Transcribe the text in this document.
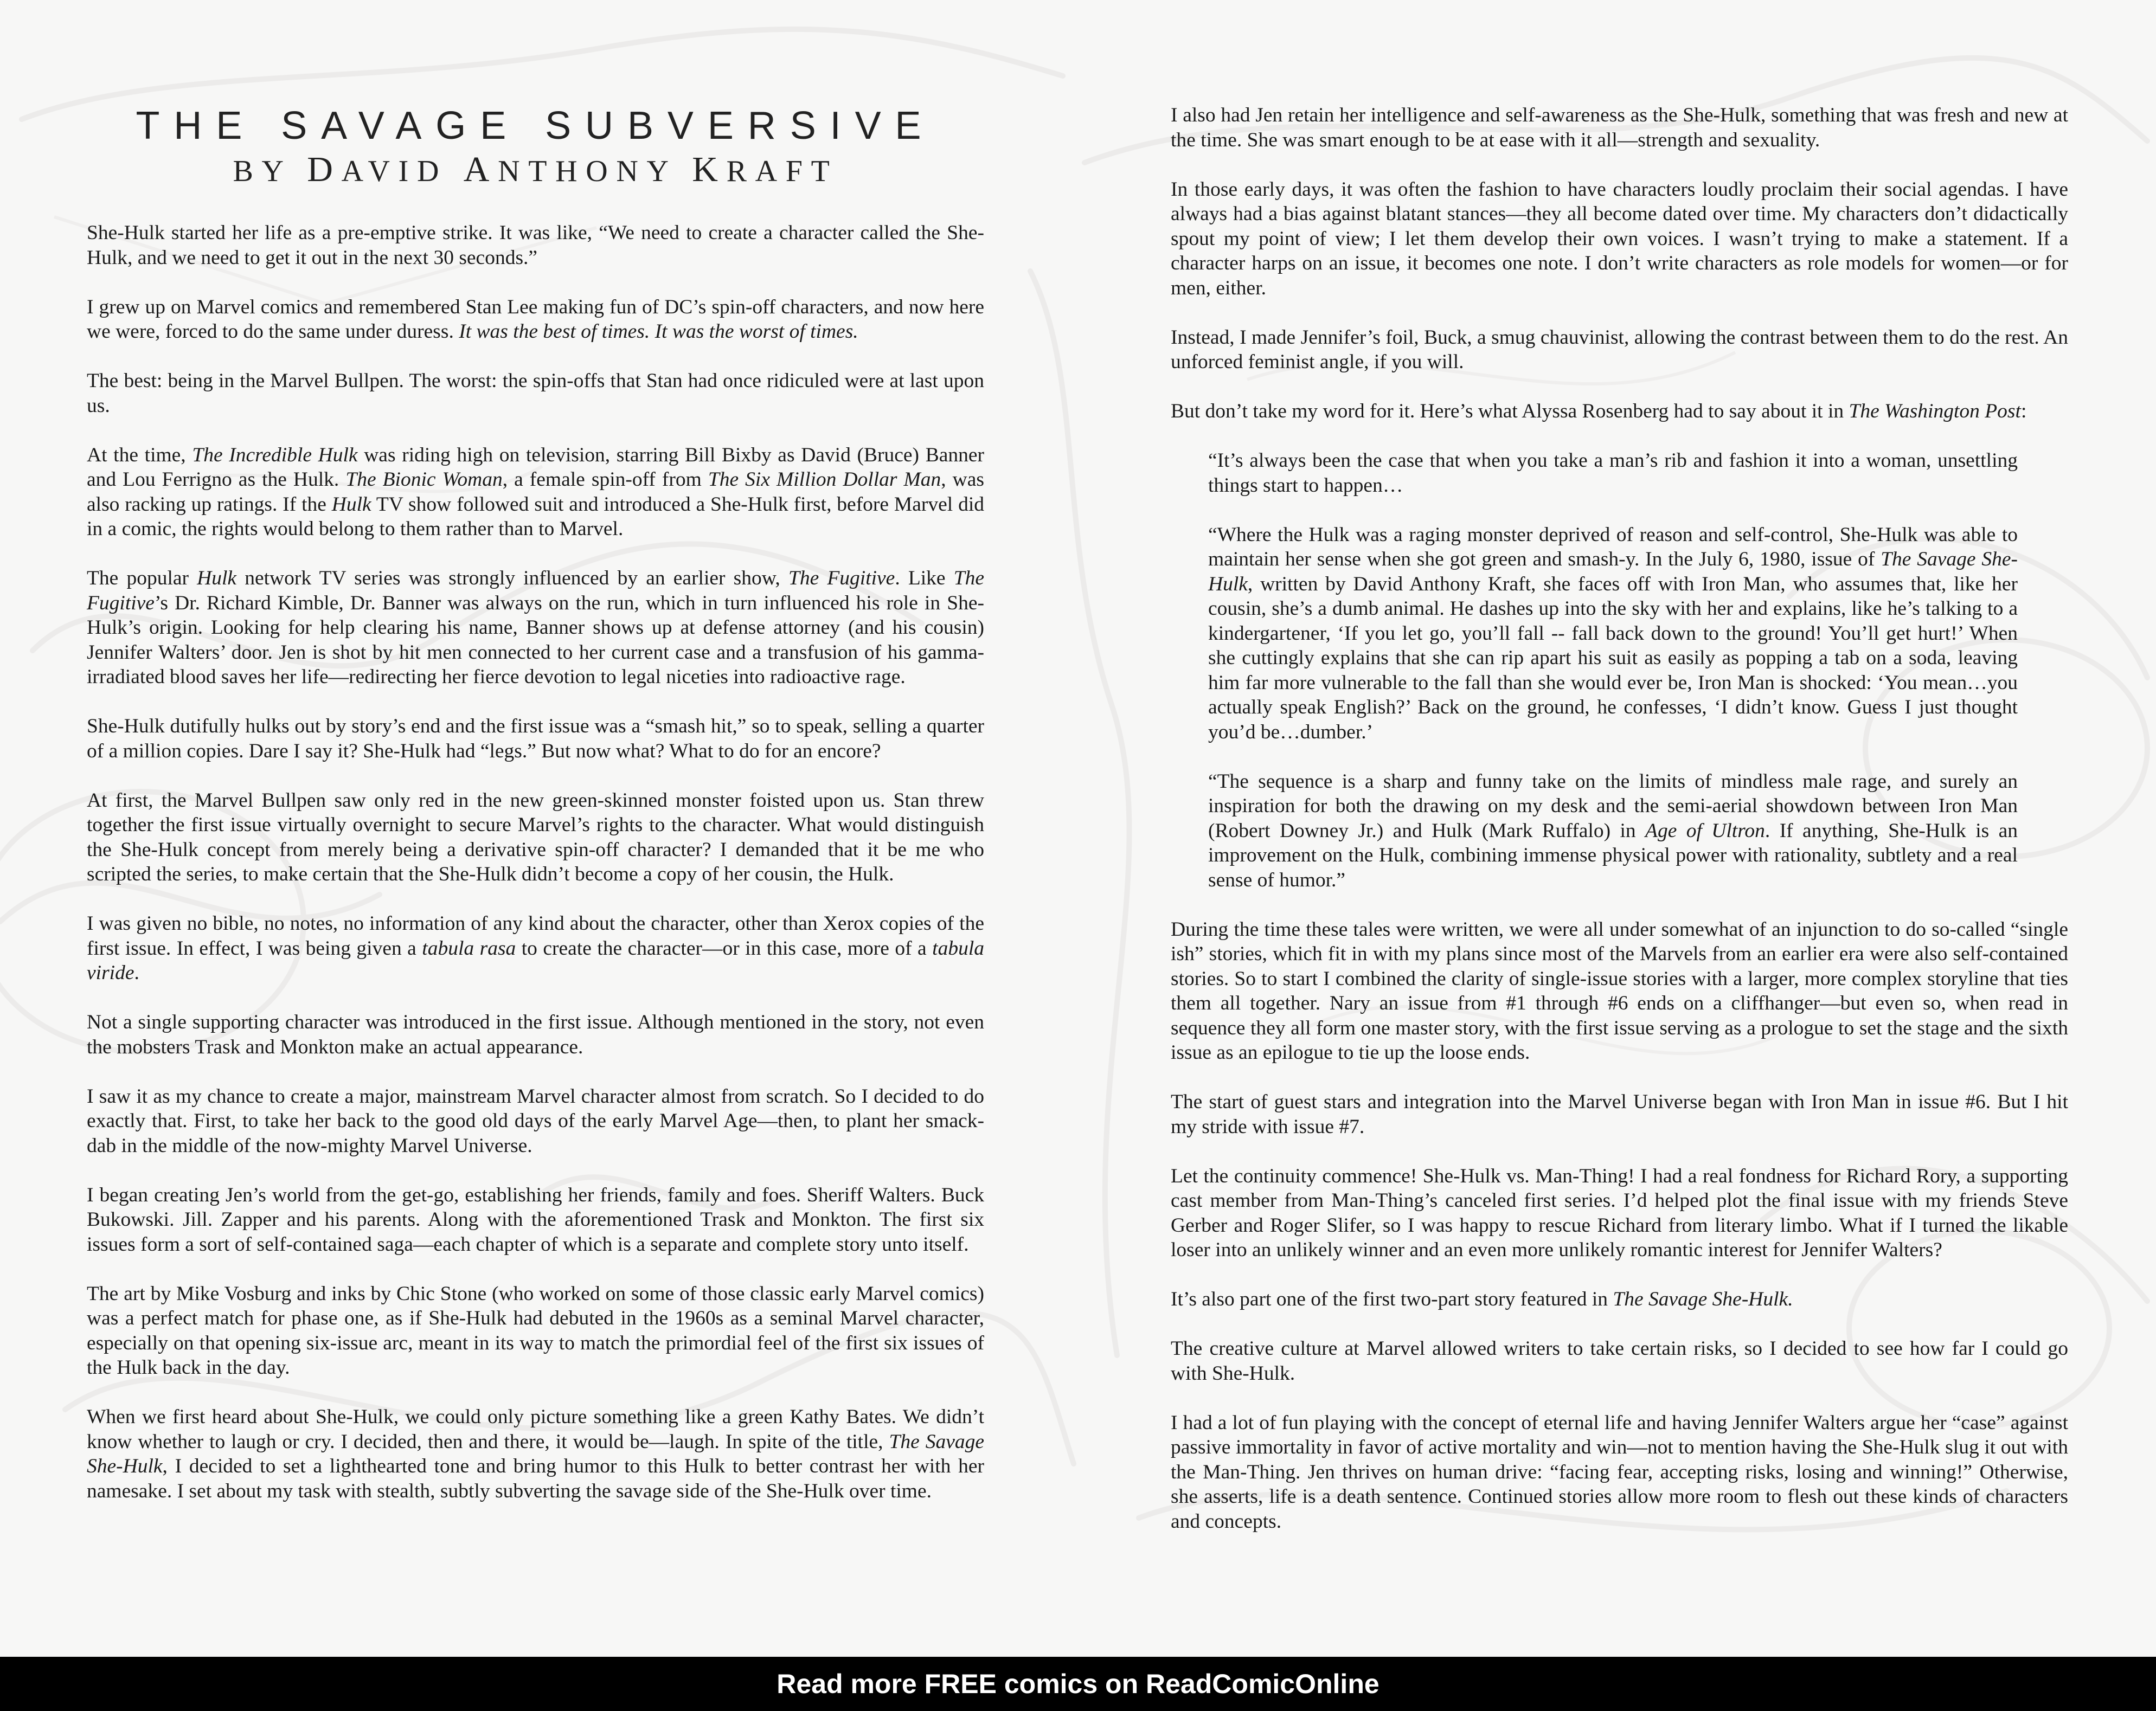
THE SAVAGE SUBVERSIVE
BY DAVID ANTHONY KRAFT

She-Hulk started her life as a pre-emptive strike. It was like, “We need to create a character called the She-Hulk, and we need to get it out in the next 30 seconds.”

I grew up on Marvel comics and remembered Stan Lee making fun of DC’s spin-off characters, and now here we were, forced to do the same under duress. It was the best of times. It was the worst of times.

The best: being in the Marvel Bullpen. The worst: the spin-offs that Stan had once ridiculed were at last upon us.

At the time, The Incredible Hulk was riding high on television, starring Bill Bixby as David (Bruce) Banner and Lou Ferrigno as the Hulk. The Bionic Woman, a female spin-off from The Six Million Dollar Man, was also racking up ratings. If the Hulk TV show followed suit and introduced a She-Hulk first, before Marvel did in a comic, the rights would belong to them rather than to Marvel.

The popular Hulk network TV series was strongly influenced by an earlier show, The Fugitive. Like The Fugitive’s Dr. Richard Kimble, Dr. Banner was always on the run, which in turn influenced his role in She-Hulk’s origin. Looking for help clearing his name, Banner shows up at defense attorney (and his cousin) Jennifer Walters’ door. Jen is shot by hit men connected to her current case and a transfusion of his gamma-irradiated blood saves her life—redirecting her fierce devotion to legal niceties into radioactive rage.

She-Hulk dutifully hulks out by story’s end and the first issue was a “smash hit,” so to speak, selling a quarter of a million copies. Dare I say it? She-Hulk had “legs.” But now what? What to do for an encore?

At first, the Marvel Bullpen saw only red in the new green-skinned monster foisted upon us. Stan threw together the first issue virtually overnight to secure Marvel’s rights to the character. What would distinguish the She-Hulk concept from merely being a derivative spin-off character? I demanded that it be me who scripted the series, to make certain that the She-Hulk didn’t become a copy of her cousin, the Hulk.

I was given no bible, no notes, no information of any kind about the character, other than Xerox copies of the first issue. In effect, I was being given a tabula rasa to create the character—or in this case, more of a tabula viride.

Not a single supporting character was introduced in the first issue. Although mentioned in the story, not even the mobsters Trask and Monkton make an actual appearance.

I saw it as my chance to create a major, mainstream Marvel character almost from scratch. So I decided to do exactly that. First, to take her back to the good old days of the early Marvel Age—then, to plant her smack-dab in the middle of the now-mighty Marvel Universe.

I began creating Jen’s world from the get-go, establishing her friends, family and foes. Sheriff Walters. Buck Bukowski. Jill. Zapper and his parents. Along with the aforementioned Trask and Monkton. The first six issues form a sort of self-contained saga—each chapter of which is a separate and complete story unto itself.

The art by Mike Vosburg and inks by Chic Stone (who worked on some of those classic early Marvel comics) was a perfect match for phase one, as if She-Hulk had debuted in the 1960s as a seminal Marvel character, especially on that opening six-issue arc, meant in its way to match the primordial feel of the first six issues of the Hulk back in the day.

When we first heard about She-Hulk, we could only picture something like a green Kathy Bates. We didn’t know whether to laugh or cry. I decided, then and there, it would be—laugh. In spite of the title, The Savage She-Hulk, I decided to set a lighthearted tone and bring humor to this Hulk to better contrast her with her namesake. I set about my task with stealth, subtly subverting the savage side of the She-Hulk over time.

I also had Jen retain her intelligence and self-awareness as the She-Hulk, something that was fresh and new at the time. She was smart enough to be at ease with it all—strength and sexuality.

In those early days, it was often the fashion to have characters loudly proclaim their social agendas. I have always had a bias against blatant stances—they all become dated over time. My characters don’t didactically spout my point of view; I let them develop their own voices. I wasn’t trying to make a statement. If a character harps on an issue, it becomes one note. I don’t write characters as role models for women—or for men, either.

Instead, I made Jennifer’s foil, Buck, a smug chauvinist, allowing the contrast between them to do the rest. An unforced feminist angle, if you will.

But don’t take my word for it. Here’s what Alyssa Rosenberg had to say about it in The Washington Post:

“It’s always been the case that when you take a man’s rib and fashion it into a woman, unsettling things start to happen…
“Where the Hulk was a raging monster deprived of reason and self-control, She-Hulk was able to maintain her sense when she got green and smash-y. In the July 6, 1980, issue of The Savage She-Hulk, written by David Anthony Kraft, she faces off with Iron Man, who assumes that, like her cousin, she’s a dumb animal. He dashes up into the sky with her and explains, like he’s talking to a kindergartener, ‘If you let go, you’ll fall -- fall back down to the ground! You’ll get hurt!’ When she cuttingly explains that she can rip apart his suit as easily as popping a tab on a soda, leaving him far more vulnerable to the fall than she would ever be, Iron Man is shocked: ‘You mean…you actually speak English?’ Back on the ground, he confesses, ‘I didn’t know. Guess I just thought you’d be…dumber.’
“The sequence is a sharp and funny take on the limits of mindless male rage, and surely an inspiration for both the drawing on my desk and the semi-aerial showdown between Iron Man (Robert Downey Jr.) and Hulk (Mark Ruffalo) in Age of Ultron. If anything, She-Hulk is an improvement on the Hulk, combining immense physical power with rationality, subtlety and a real sense of humor.”

During the time these tales were written, we were all under somewhat of an injunction to do so-called “single ish” stories, which fit in with my plans since most of the Marvels from an earlier era were also self-contained stories. So to start I combined the clarity of single-issue stories with a larger, more complex storyline that ties them all together. Nary an issue from #1 through #6 ends on a cliffhanger—but even so, when read in sequence they all form one master story, with the first issue serving as a prologue to set the stage and the sixth issue as an epilogue to tie up the loose ends.

The start of guest stars and integration into the Marvel Universe began with Iron Man in issue #6. But I hit my stride with issue #7.

Let the continuity commence! She-Hulk vs. Man-Thing! I had a real fondness for Richard Rory, a supporting cast member from Man-Thing’s canceled first series. I’d helped plot the final issue with my friends Steve Gerber and Roger Slifer, so I was happy to rescue Richard from literary limbo. What if I turned the likable loser into an unlikely winner and an even more unlikely romantic interest for Jennifer Walters?

It’s also part one of the first two-part story featured in The Savage She-Hulk.

The creative culture at Marvel allowed writers to take certain risks, so I decided to see how far I could go with She-Hulk.

I had a lot of fun playing with the concept of eternal life and having Jennifer Walters argue her “case” against passive immortality in favor of active mortality and win—not to mention having the She-Hulk slug it out with the Man-Thing. Jen thrives on human drive: “facing fear, accepting risks, losing and winning!” Otherwise, she asserts, life is a death sentence. Continued stories allow more room to flesh out these kinds of characters and concepts.

Read more FREE comics on ReadComicOnline
